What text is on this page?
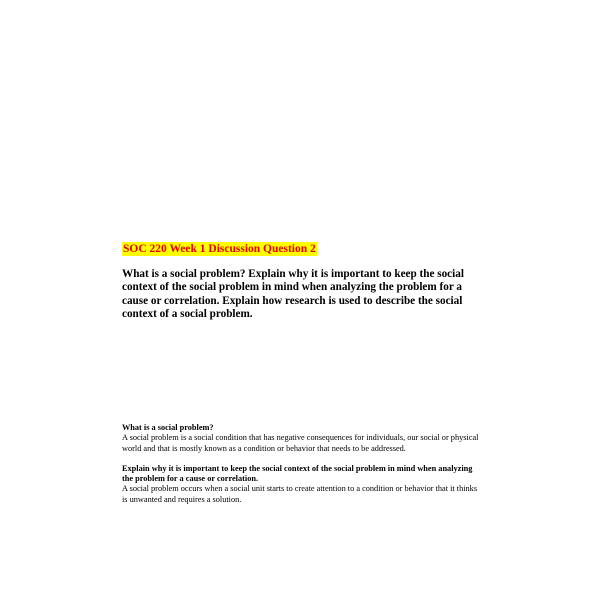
SOC 220 Week 1 Discussion Question 2

What is a social problem? Explain why it is important to keep the social context of the social problem in mind when analyzing the problem for a cause or correlation. Explain how research is used to describe the social context of a social problem.

What is a social problem?

A social problem is a social condition that has negative consequences for individuals, our social or physical world and that is mostly known as a condition or behavior that needs to be addressed.

Explain why it is important to keep the social context of the social problem in mind when analyzing the problem for a cause or correlation.

A social problem occurs when a social unit starts to create attention to a condition or behavior that it thinks is unwanted and requires a solution.
